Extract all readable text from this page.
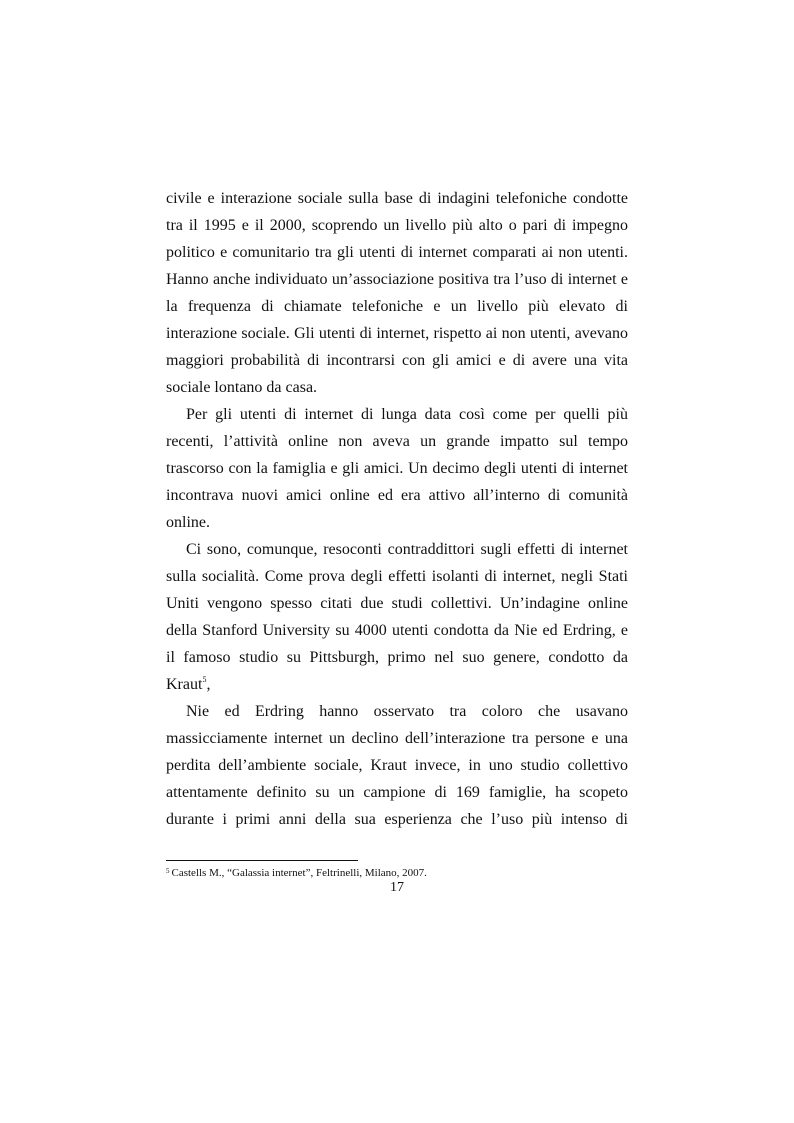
civile e interazione sociale sulla base di indagini telefoniche condotte
tra il 1995 e il 2000, scoprendo un livello più alto o pari di impegno
politico e comunitario tra gli utenti di internet comparati ai non utenti.
Hanno anche individuato un’associazione positiva tra l’uso di internet e
la frequenza di chiamate telefoniche e un livello più elevato di
interazione sociale. Gli utenti di internet, rispetto ai non utenti, avevano
maggiori probabilità di incontrarsi con gli amici e di avere una vita
sociale lontano da casa.
Per gli utenti di internet di lunga data così come per quelli più
recenti, l’attività online non aveva un grande impatto sul tempo
trascorso con la famiglia e gli amici. Un decimo degli utenti di internet
incontrava nuovi amici online ed era attivo all’interno di comunità
online.
Ci sono, comunque, resoconti contraddittori sugli effetti di internet
sulla socialità. Come prova degli effetti isolanti di internet, negli Stati
Uniti vengono spesso citati due studi collettivi. Un’indagine online
della Stanford University su 4000 utenti condotta da Nie ed Erdring, e
il famoso studio su Pittsburgh, primo nel suo genere, condotto da
Kraut$^5$,
Nie ed Erdring hanno osservato tra coloro che usavano
massicciamente internet un declino dell’interazione tra persone e una
perdita dell’ambiente sociale, Kraut invece, in uno studio collettivo
attentamente definito su un campione di 169 famiglie, ha scopeto
durante i primi anni della sua esperienza che l’uso più intenso di
$^5$ Castells M., “Galassia internet”, Feltrinelli, Milano, 2007.
17
